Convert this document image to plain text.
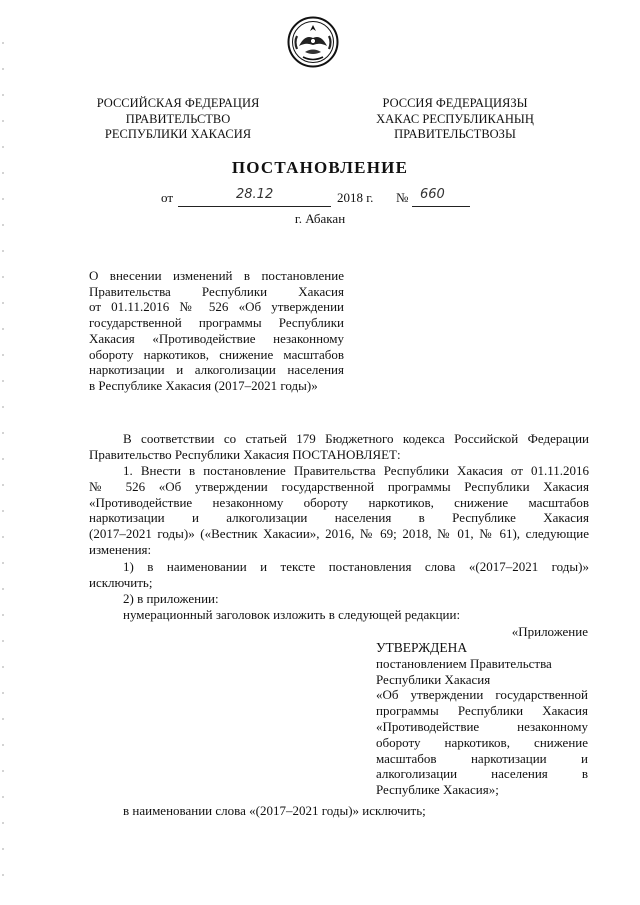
РОССИЙСКАЯ ФЕДЕРАЦИЯ
ПРАВИТЕЛЬСТВО
РЕСПУБЛИКИ ХАКАСИЯ
РОССИЯ ФЕДЕРАЦИЯЗЫ
ХАКАС РЕСПУБЛИКАНЫҢ
ПРАВИТЕЛЬСТВОЗЫ
ПОСТАНОВЛЕНИЕ
от	28.12	2018 г. № 660
г. Абакан
О внесении изменений в постановление
Правительства Республики Хакасия
от 01.11.2016 № 526 «Об утверждении
государственной программы Республики
Хакасия «Противодействие незаконному
обороту наркотиков, снижение масштабов
наркотизации и алкоголизации населения
в Республике Хакасия (2017–2021 годы)»
В соответствии со статьей 179 Бюджетного кодекса Российской Федерации
Правительство Республики Хакасия ПОСТАНОВЛЯЕТ:
1. Внести в постановление Правительства Республики Хакасия от 01.11.2016
№ 526 «Об утверждении государственной программы Республики Хакасия
«Противодействие незаконному обороту наркотиков, снижение масштабов
наркотизации и алкоголизации населения в Республике Хакасия
(2017–2021 годы)» («Вестник Хакасии», 2016, № 69; 2018, № 01, № 61), следующие
изменения:
1) в наименовании и тексте постановления слова «(2017–2021 годы)»
исключить;
2) в приложении:
нумерационный заголовок изложить в следующей редакции:
«Приложение
УТВЕРЖДЕНА
постановлением Правительства
Республики Хакасия
«Об утверждении государственной
программы Республики Хакасия
«Противодействие незаконному
обороту наркотиков, снижение
масштабов наркотизации и
алкоголизации населения в
Республике Хакасия»;
в наименовании слова «(2017–2021 годы)» исключить;
